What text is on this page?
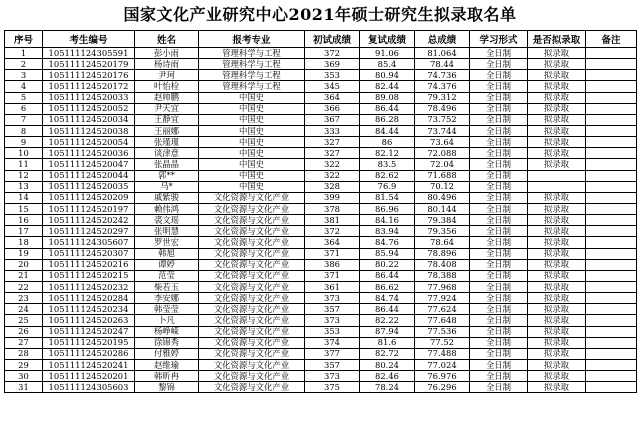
国家文化产业研究中心2021年硕士研究生拟录取名单
序号	考生编号	姓名	报考专业	初试成绩	复试成绩	总成绩	学习形式	是否拟录取	备注
1	105111124305591	彭小雨	管理科学与工程	372	91.06	81.064	全日制	拟录取	
2	105111124520179	杨诗雨	管理科学与工程	369	85.4	78.44	全日制	拟录取	
3	105111124520176	尹珂	管理科学与工程	353	80.94	74.736	全日制	拟录取	
4	105111124520172	叶怡栓	管理科学与工程	345	82.44	74.376	全日制	拟录取	
5	105111124520033	赵帅鹏	中国史	364	89.08	79.312	全日制	拟录取	
6	105111124520052	尹天宜	中国史	366	86.44	78.496	全日制	拟录取	
7	105111124520034	王静宜	中国史	367	86.28	73.752	全日制	拟录取	
8	105111124520038	王丽娜	中国史	333	84.44	73.744	全日制	拟录取	
9	105111124520054	张瑾瑾	中国史	327	86	73.64	全日制	拟录取	
10	105111124520036	谈津意	中国史	327	82.12	72.088	全日制	拟录取	
11	105111124520047	张晶晶	中国史	322	83.5	72.04	全日制	拟录取	
12	105111124520044	郭**	中国史	322	82.62	71.688	全日制		
13	105111124520035	马*	中国史	328	76.9	70.12	全日制		
14	105111124520209	戚紫骏	文化资源与文化产业	399	81.54	80.496	全日制	拟录取	
15	105111124520197	赖伟鸿	文化资源与文化产业	378	86.96	80.144	全日制	拟录取	
16	105111124520242	裘文瑶	文化资源与文化产业	381	84.16	79.384	全日制	拟录取	
17	105111124520297	张明慧	文化资源与文化产业	372	83.94	79.356	全日制	拟录取	
18	105111124305607	罗世宏	文化资源与文化产业	364	84.76	78.64	全日制	拟录取	
19	105111124520307	韩旭	文化资源与文化产业	371	85.94	78.896	全日制	拟录取	
20	105111124520216	谭婷	文化资源与文化产业	386	80.22	78.408	全日制	拟录取	
21	105111124520215	范莹	文化资源与文化产业	371	86.44	78.388	全日制	拟录取	
22	105111124520232	柴若玉	文化资源与文化产业	361	86.62	77.968	全日制	拟录取	
23	105111124520284	李安娜	文化资源与文化产业	373	84.74	77.924	全日制	拟录取	
24	105111124520234	韩莹莹	文化资源与文化产业	357	86.44	77.624	全日制	拟录取	
25	105111124520263	卜凡	文化资源与文化产业	373	82.22	77.648	全日制	拟录取	
26	105111124520247	杨峥嵘	文化资源与文化产业	353	87.94	77.536	全日制	拟录取	
27	105111124520195	徐锦秀	文化资源与文化产业	374	81.6	77.52	全日制	拟录取	
28	105111124520286	付雅婷	文化资源与文化产业	377	82.72	77.488	全日制	拟录取	
29	105111124520241	赵维瑜	文化资源与文化产业	357	80.24	77.024	全日制	拟录取	
30	105111124520201	韩昕冉	文化资源与文化产业	373	82.46	76.976	全日制	拟录取	
31	105111124305603	黎锦	文化资源与文化产业	375	78.24	76.296	全日制	拟录取	
